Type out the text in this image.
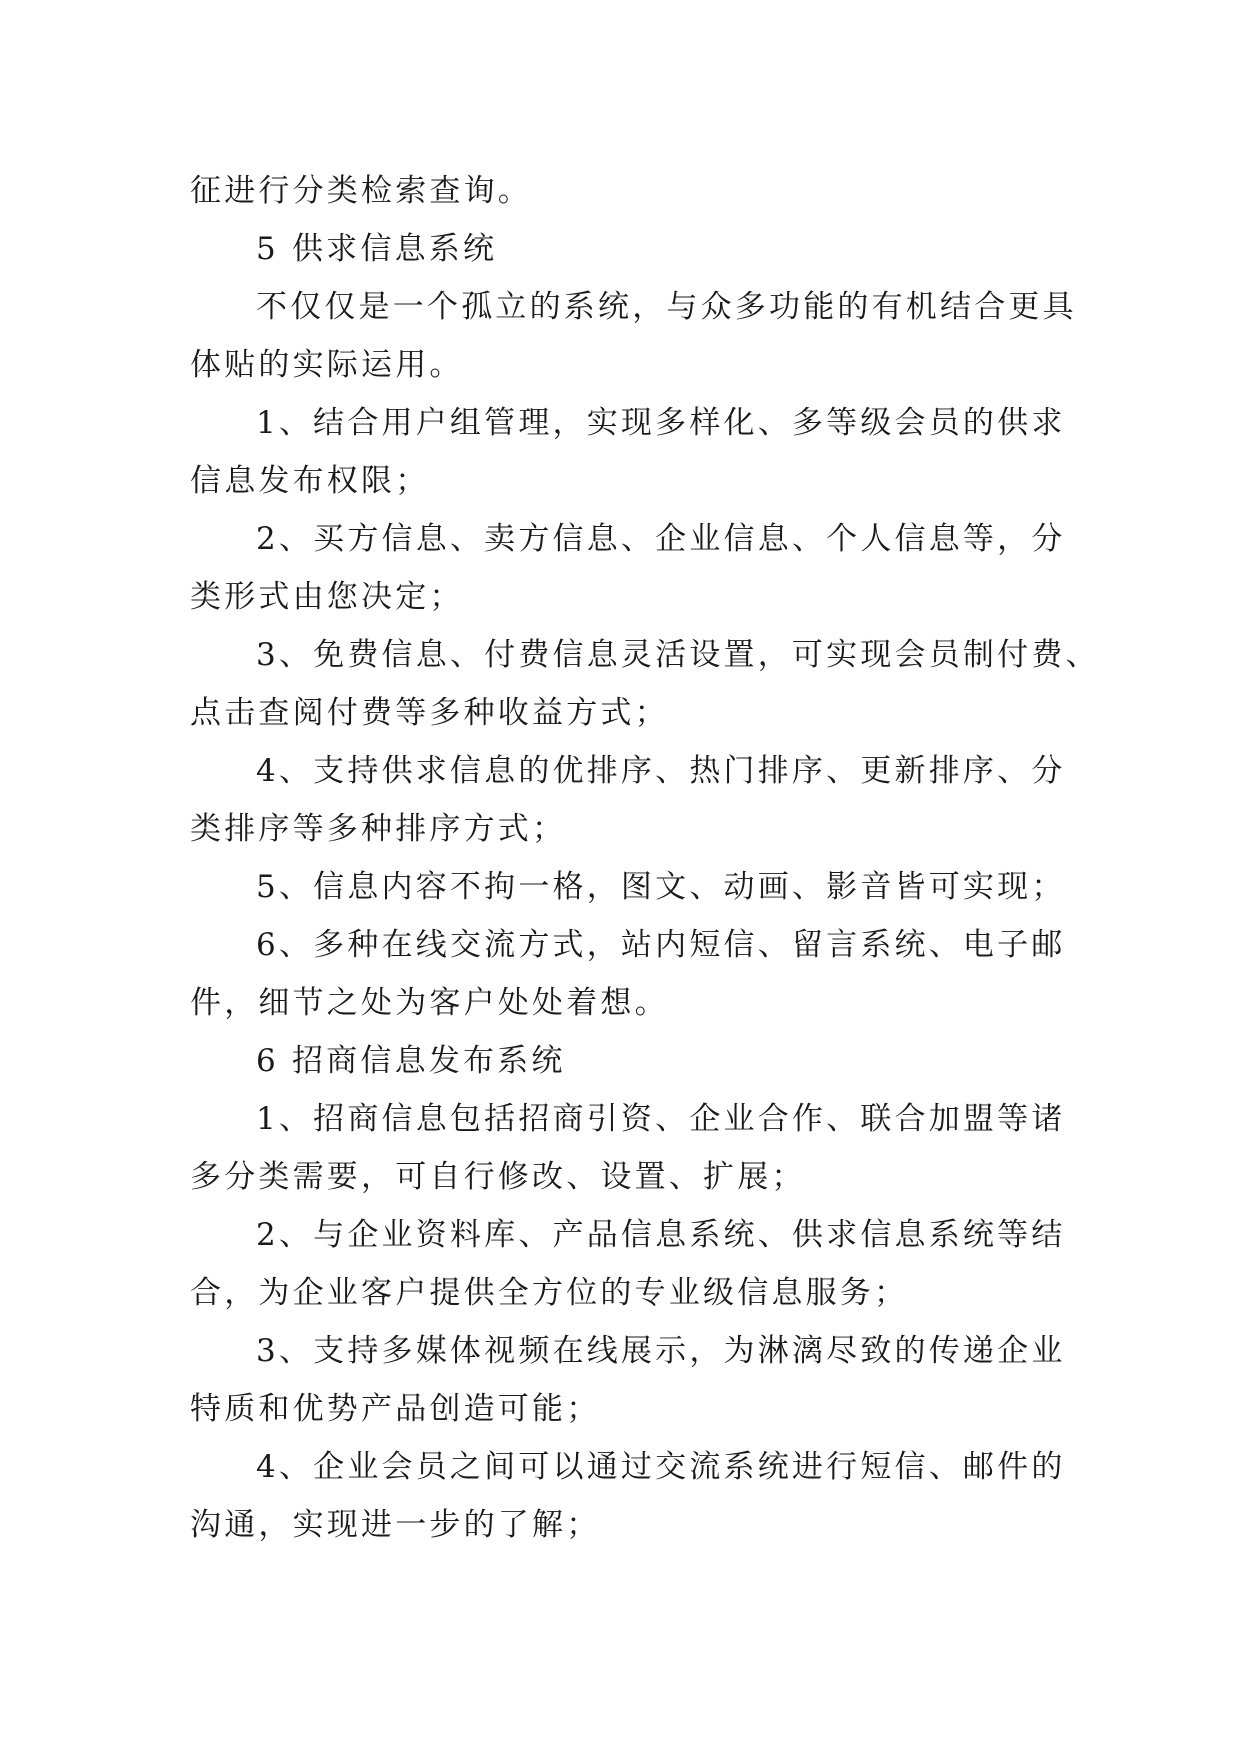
征进行分类检索查询。
5 供求信息系统
不仅仅是一个孤立的系统，与众多功能的有机结合更具
体贴的实际运用。
1、结合用户组管理，实现多样化、多等级会员的供求
信息发布权限；
2、买方信息、卖方信息、企业信息、个人信息等，分
类形式由您决定；
3、免费信息、付费信息灵活设置，可实现会员制付费、
点击查阅付费等多种收益方式；
4、支持供求信息的优排序、热门排序、更新排序、分
类排序等多种排序方式；
5、信息内容不拘一格，图文、动画、影音皆可实现；
6、多种在线交流方式，站内短信、留言系统、电子邮
件，细节之处为客户处处着想。
6 招商信息发布系统
1、招商信息包括招商引资、企业合作、联合加盟等诸
多分类需要，可自行修改、设置、扩展；
2、与企业资料库、产品信息系统、供求信息系统等结
合，为企业客户提供全方位的专业级信息服务；
3、支持多媒体视频在线展示，为淋漓尽致的传递企业
特质和优势产品创造可能；
4、企业会员之间可以通过交流系统进行短信、邮件的
沟通，实现进一步的了解；
